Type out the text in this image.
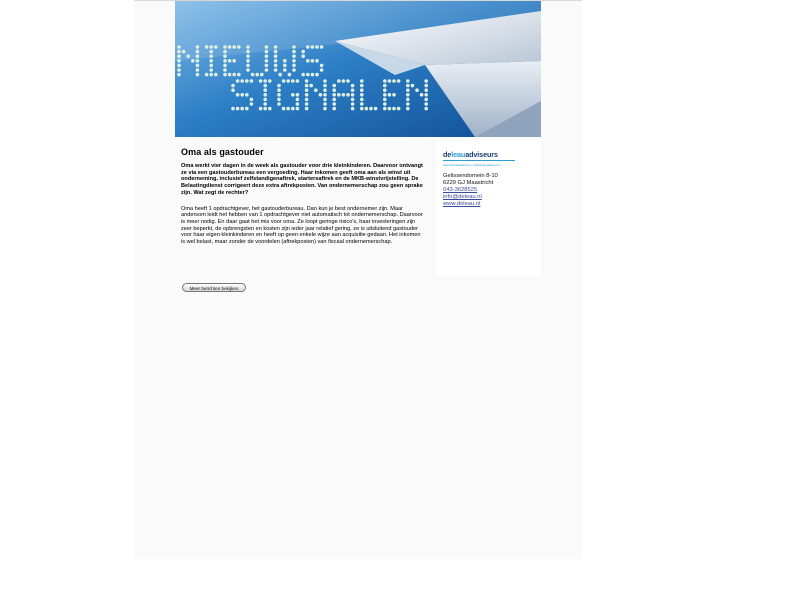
Oma als gastouder

Oma werkt vier dagen in de week als gastouder voor drie kleinkinderen. Daarvoor ontvangt ze via een gastouderbureau een vergoeding. Haar inkomen geeft oma aan als winst uit onderneming, inclusief zelfstandigenaftrek, startersaftrek en de MKB-winstvrijstelling. De Belastingdienst corrigeert deze extra aftrekposten. Van ondernemerschap zou geen sprake zijn. Wat zegt de rechter?

Oma heeft 1 opdrachtgever, het gastouderbureau. Dan kun je best ondernemer zijn. Maar andersom leidt het hebben van 1 opdrachtgever niet automatisch tot ondernemerschap. Daarvoor is meer nodig. En daar gaat het mis voor oma. Ze loopt geringe risico's, haar investeringen zijn zeer beperkt, de opbrengsten en kosten zijn ieder jaar relatief gering, ze is uitsluitend gastouder voor haar eigen kleinkinderen en heeft op geen enkele wijze aan acquisitie gedaan. Het inkomen is wel belast, maar zonder de voordelen (aftrekposten) van fiscaal ondernemerschap.

Meer berichten bekijken
deleauadviseurs
Administratiekantoor en Belastingadviseurs
Gelissendomein 8-10
6229 GJ Maastricht
043-3628525
info@deleau.nl
www.deleau.nl
